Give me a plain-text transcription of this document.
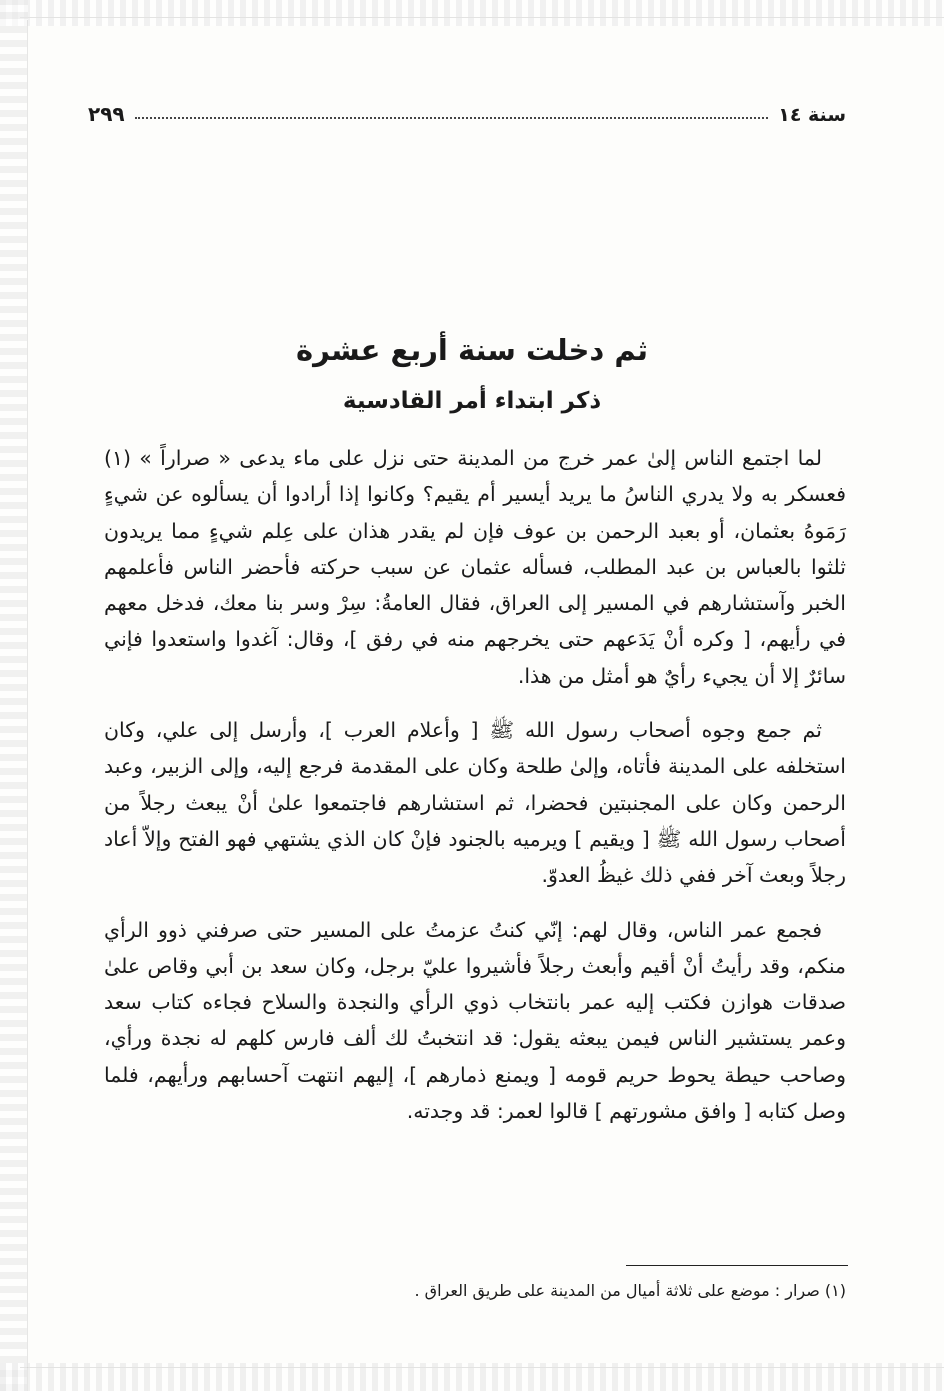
سنة ١٤
٢٩٩
ثم دخلت سنة أربع عشرة
ذكر ابتداء أمر القادسية

لما اجتمع الناس إلىٰ عمر خرج من المدينة حتى نزل على ماء يدعى « صراراً » (١) فعسكر به ولا يدري الناسُ ما يريد أيسير أم يقيم؟ وكانوا إذا أرادوا أن يسألوه عن شيءٍ رَمَوهُ بعثمان، أو بعبد الرحمن بن عوف فإن لم يقدر هذان على عِلم شيءٍ مما يريدون ثلثوا بالعباس بن عبد المطلب، فسأله عثمان عن سبب حركته فأحضر الناس فأعلمهم الخبر وآستشارهم في المسير إلى العراق، فقال العامةُ: سِرْ وسر بنا معك، فدخل معهم في رأيهم، [ وكره أنْ يَدَعهم حتى يخرجهم منه في رفق ]، وقال: آغدوا واستعدوا فإني سائرٌ إلا أن يجيء رأيٌ هو أمثل من هذا.

ثم جمع وجوه أصحاب رسول الله ﷺ [ وأعلام العرب ]، وأرسل إلى علي، وكان استخلفه على المدينة فأتاه، وإلىٰ طلحة وكان على المقدمة فرجع إليه، وإلى الزبير، وعبد الرحمن وكان على المجنبتين فحضرا، ثم استشارهم فاجتمعوا علىٰ أنْ يبعث رجلاً من أصحاب رسول الله ﷺ [ ويقيم ] ويرميه بالجنود فإنْ كان الذي يشتهي فهو الفتح وإلاّ أعاد رجلاً وبعث آخر ففي ذلك غيظُ العدوّ.

فجمع عمر الناس، وقال لهم: إنّي كنتُ عزمتُ على المسير حتى صرفني ذوو الرأي منكم، وقد رأيتُ أنْ أقيم وأبعث رجلاً فأشيروا عليّ برجل، وكان سعد بن أبي وقاص علىٰ صدقات هوازن فكتب إليه عمر بانتخاب ذوي الرأي والنجدة والسلاح فجاءه كتاب سعد وعمر يستشير الناس فيمن يبعثه يقول: قد انتخبتُ لك ألف فارس كلهم له نجدة ورأي، وصاحب حيطة يحوط حريم قومه [ ويمنع ذمارهم ]، إليهم انتهت آحسابهم ورأيهم، فلما وصل كتابه [ وافق مشورتهم ] قالوا لعمر: قد وجدته.

(١) صرار : موضع على ثلاثة أميال من المدينة على طريق العراق .
